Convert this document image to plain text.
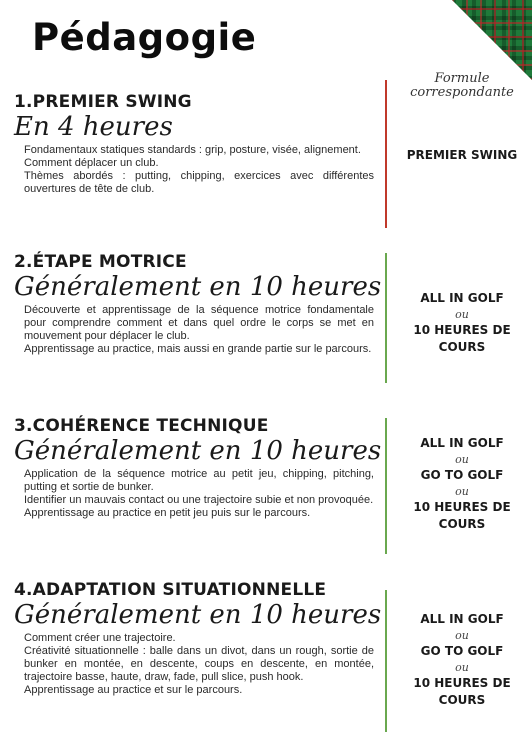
Pédagogie
Formule correspondante
1.PREMIER SWING
En 4 heures
Fondamentaux statiques standards : grip, posture, visée, alignement.
Comment déplacer un club.
Thèmes abordés : putting, chipping, exercices avec différentes ouvertures de tête de club.
PREMIER SWING
2.ÉTAPE MOTRICE
Généralement en 10 heures
Découverte et apprentissage de la séquence motrice fondamentale pour comprendre comment et dans quel ordre le corps se met en mouvement pour déplacer le club.
Apprentissage au practice, mais aussi en grande partie sur le parcours.
ALL IN GOLF
ou
10 HEURES DE COURS
3.COHÉRENCE TECHNIQUE
Généralement en 10 heures
Application de la séquence motrice au petit jeu, chipping, pitching, putting et sortie de bunker.
Identifier un mauvais contact ou une trajectoire subie et non provoquée.
Apprentissage au practice en petit jeu puis sur le parcours.
ALL IN GOLF
ou
GO TO GOLF
ou
10 HEURES DE COURS
4.ADAPTATION SITUATIONNELLE
Généralement en 10 heures
Comment créer une trajectoire.
Créativité situationnelle : balle dans un divot, dans un rough, sortie de bunker en montée, en descente, coups en descente, en montée, trajectoire basse, haute, draw, fade, pull slice, push hook.
Apprentissage au practice et sur le parcours.
ALL IN GOLF
ou
GO TO GOLF
ou
10 HEURES DE COURS
